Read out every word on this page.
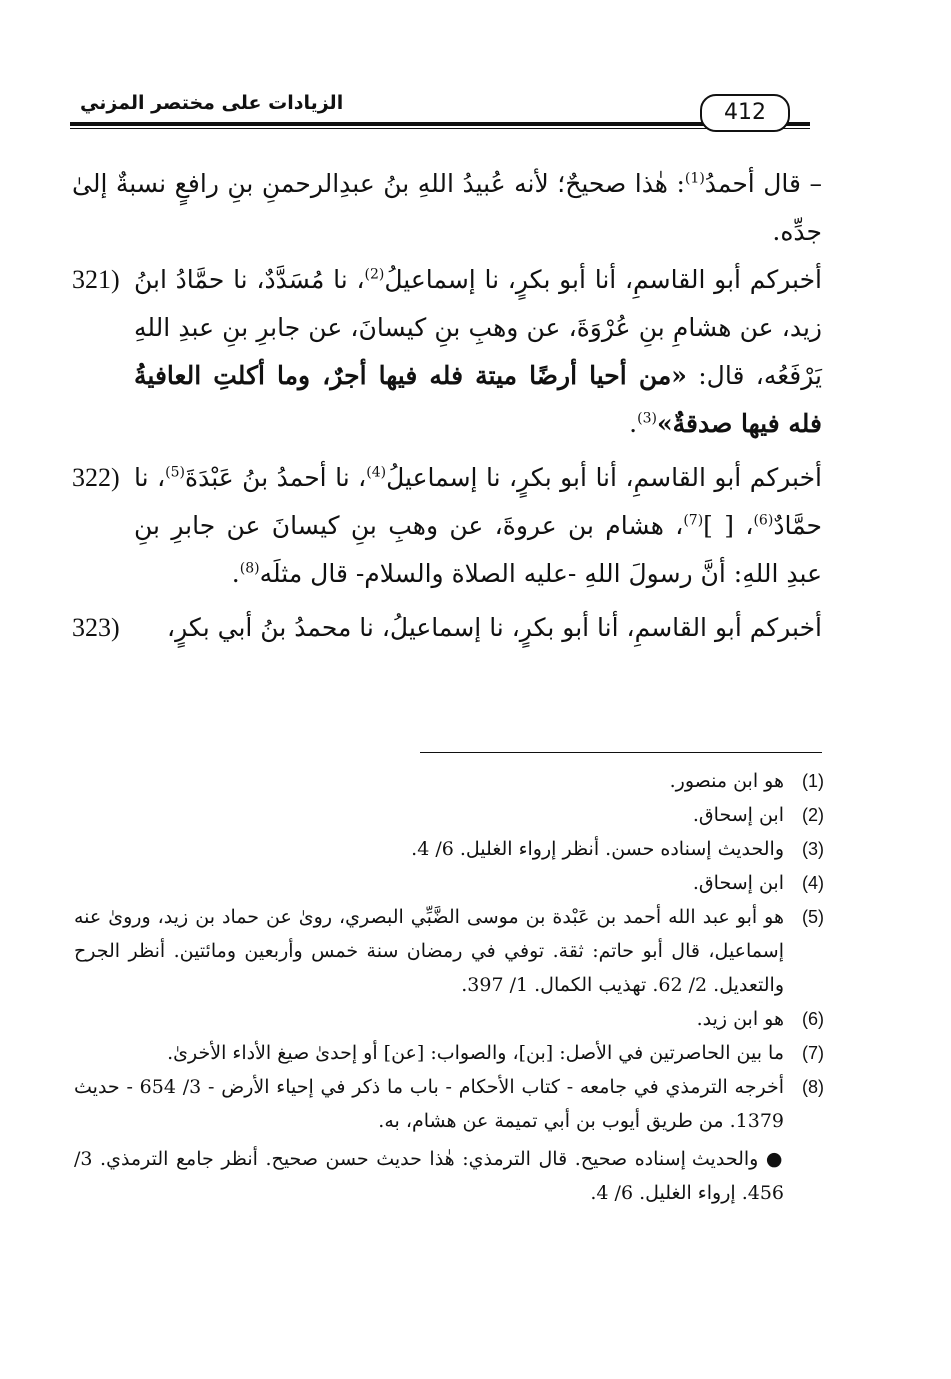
الزيادات على مختصر المزني	412

– قال أحمدُ$^{(1)}$: هٰذا صحيحٌ؛ لأنه عُبيدُ اللهِ بنُ عبدِالرحمنِ بنِ رافعٍ نسبةٌ إلىٰ جدِّه.

أخبركم أبو القاسمِ، أنا أبو بكرٍ، نا إسماعيلُ$^{(2)}$، نا مُسَدَّدٌ، نا حمَّادُ ابنُ زيد، عن هشامِ بنِ عُرْوَةَ، عن وهبِ بنِ كيسانَ، عن جابرِ بنِ عبدِ اللهِ يَرْفَعُه، قال: «من أحيا أرضًا ميتة فله فيها أجرٌ، وما أكلتِ العافيةُ فله فيها صدقةٌ»$^{(3)}$.
321)
أخبركم أبو القاسمِ، أنا أبو بكرٍ، نا إسماعيلُ$^{(4)}$، نا أحمدُ بنُ عَبْدَةَ$^{(5)}$، نا حمَّادٌ$^{(6)}$، [ ]$^{(7)}$، هشام بن عروةَ، عن وهبِ بنِ كيسانَ عن جابرِ بنِ عبدِ اللهِ: أنَّ رسولَ اللهِ -عليه الصلاة والسلام- قال مثلَه$^{(8)}$.
322)
أخبركم أبو القاسمِ، أنا أبو بكرٍ، نا إسماعيلُ، نا محمدُ بنُ أبي بكرٍ،
323)
(1)
هو ابن منصور.
(2)
ابن إسحاق.
(3)
والحديث إسناده حسن. أنظر إرواء الغليل. 6/ 4.
(4)
ابن إسحاق.
(5)
هو أبو عبد الله أحمد بن عَبْدة بن موسى الضَّبِّي البصري، روىٰ عن حماد بن زيد، وروىٰ عنه إسماعيل، قال أبو حاتم: ثقة. توفي في رمضان سنة خمس وأربعين ومائتين. أنظر الجرح والتعديل. 2/ 62. تهذيب الكمال. 1/ 397.
(6)
هو ابن زيد.
(7)
ما بين الحاصرتين في الأصل: [بن]، والصواب: [عن] أو إحدىٰ صيغ الأداء الأخرىٰ.
(8)
أخرجه الترمذي في جامعه - كتاب الأحكام - باب ما ذكر في إحياء الأرض - 3/ 654 - حديث 1379. من طريق أيوب بن أبي تميمة عن هشام، به.
● والحديث إسناده صحيح. قال الترمذي: هٰذا حديث حسن صحيح. أنظر جامع الترمذي. 3/ 456. إرواء الغليل. 6/ 4.
